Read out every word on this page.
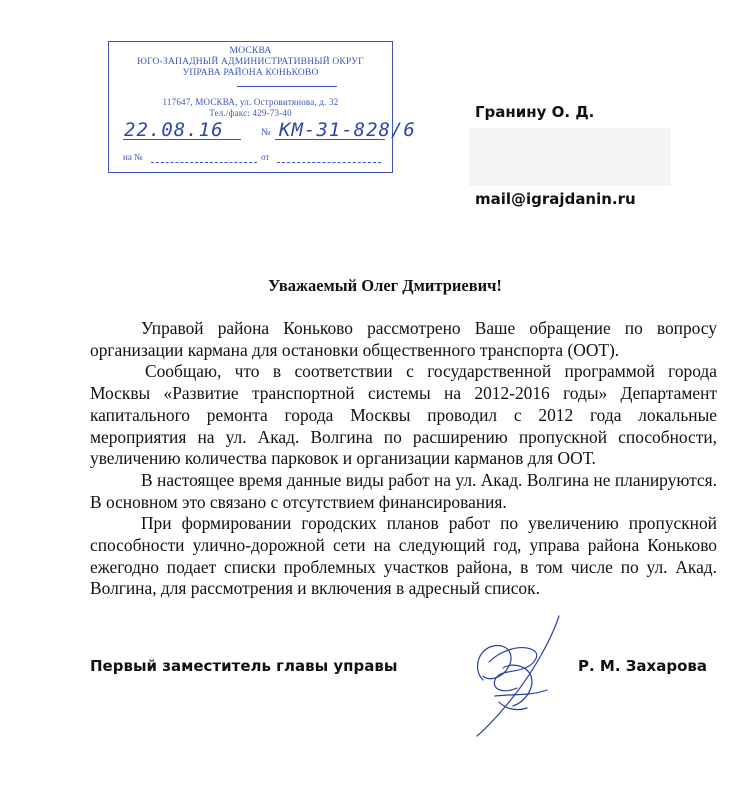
МОСКВА
ЮГО-ЗАПАДНЫЙ АДМИНИСТРАТИВНЫЙ ОКРУГ
УПРАВА РАЙОНА КОНЬКОВО
117647, МОСКВА, ул. Островитянова, д. 32
Тел./факс: 429-73-40
22.08.16	№ КМ-31-828/6
на №	от
Гранину О. Д.
mail@igrajdanin.ru
Уважаемый Олег Дмитриевич!

Управой района Коньково рассмотрено Ваше обращение по вопросу организации кармана для остановки общественного транспорта (ООТ).

Сообщаю, что в соответствии с государственной программой города Москвы «Развитие транспортной системы на 2012-2016 годы» Департамент капитального ремонта города Москвы проводил с 2012 года локальные мероприятия на ул. Акад. Волгина по расширению пропускной способности, увеличению количества парковок и организации карманов для ООТ.

В настоящее время данные виды работ на ул. Акад. Волгина не планируются. В основном это связано с отсутствием финансирования.

При формировании городских планов работ по увеличению пропускной способности улично-дорожной сети на следующий год, управа района Коньково ежегодно подает списки проблемных участков района, в том числе по ул. Акад. Волгина, для рассмотрения и включения в адресный список.

Первый заместитель главы управы	Р. М. Захарова
